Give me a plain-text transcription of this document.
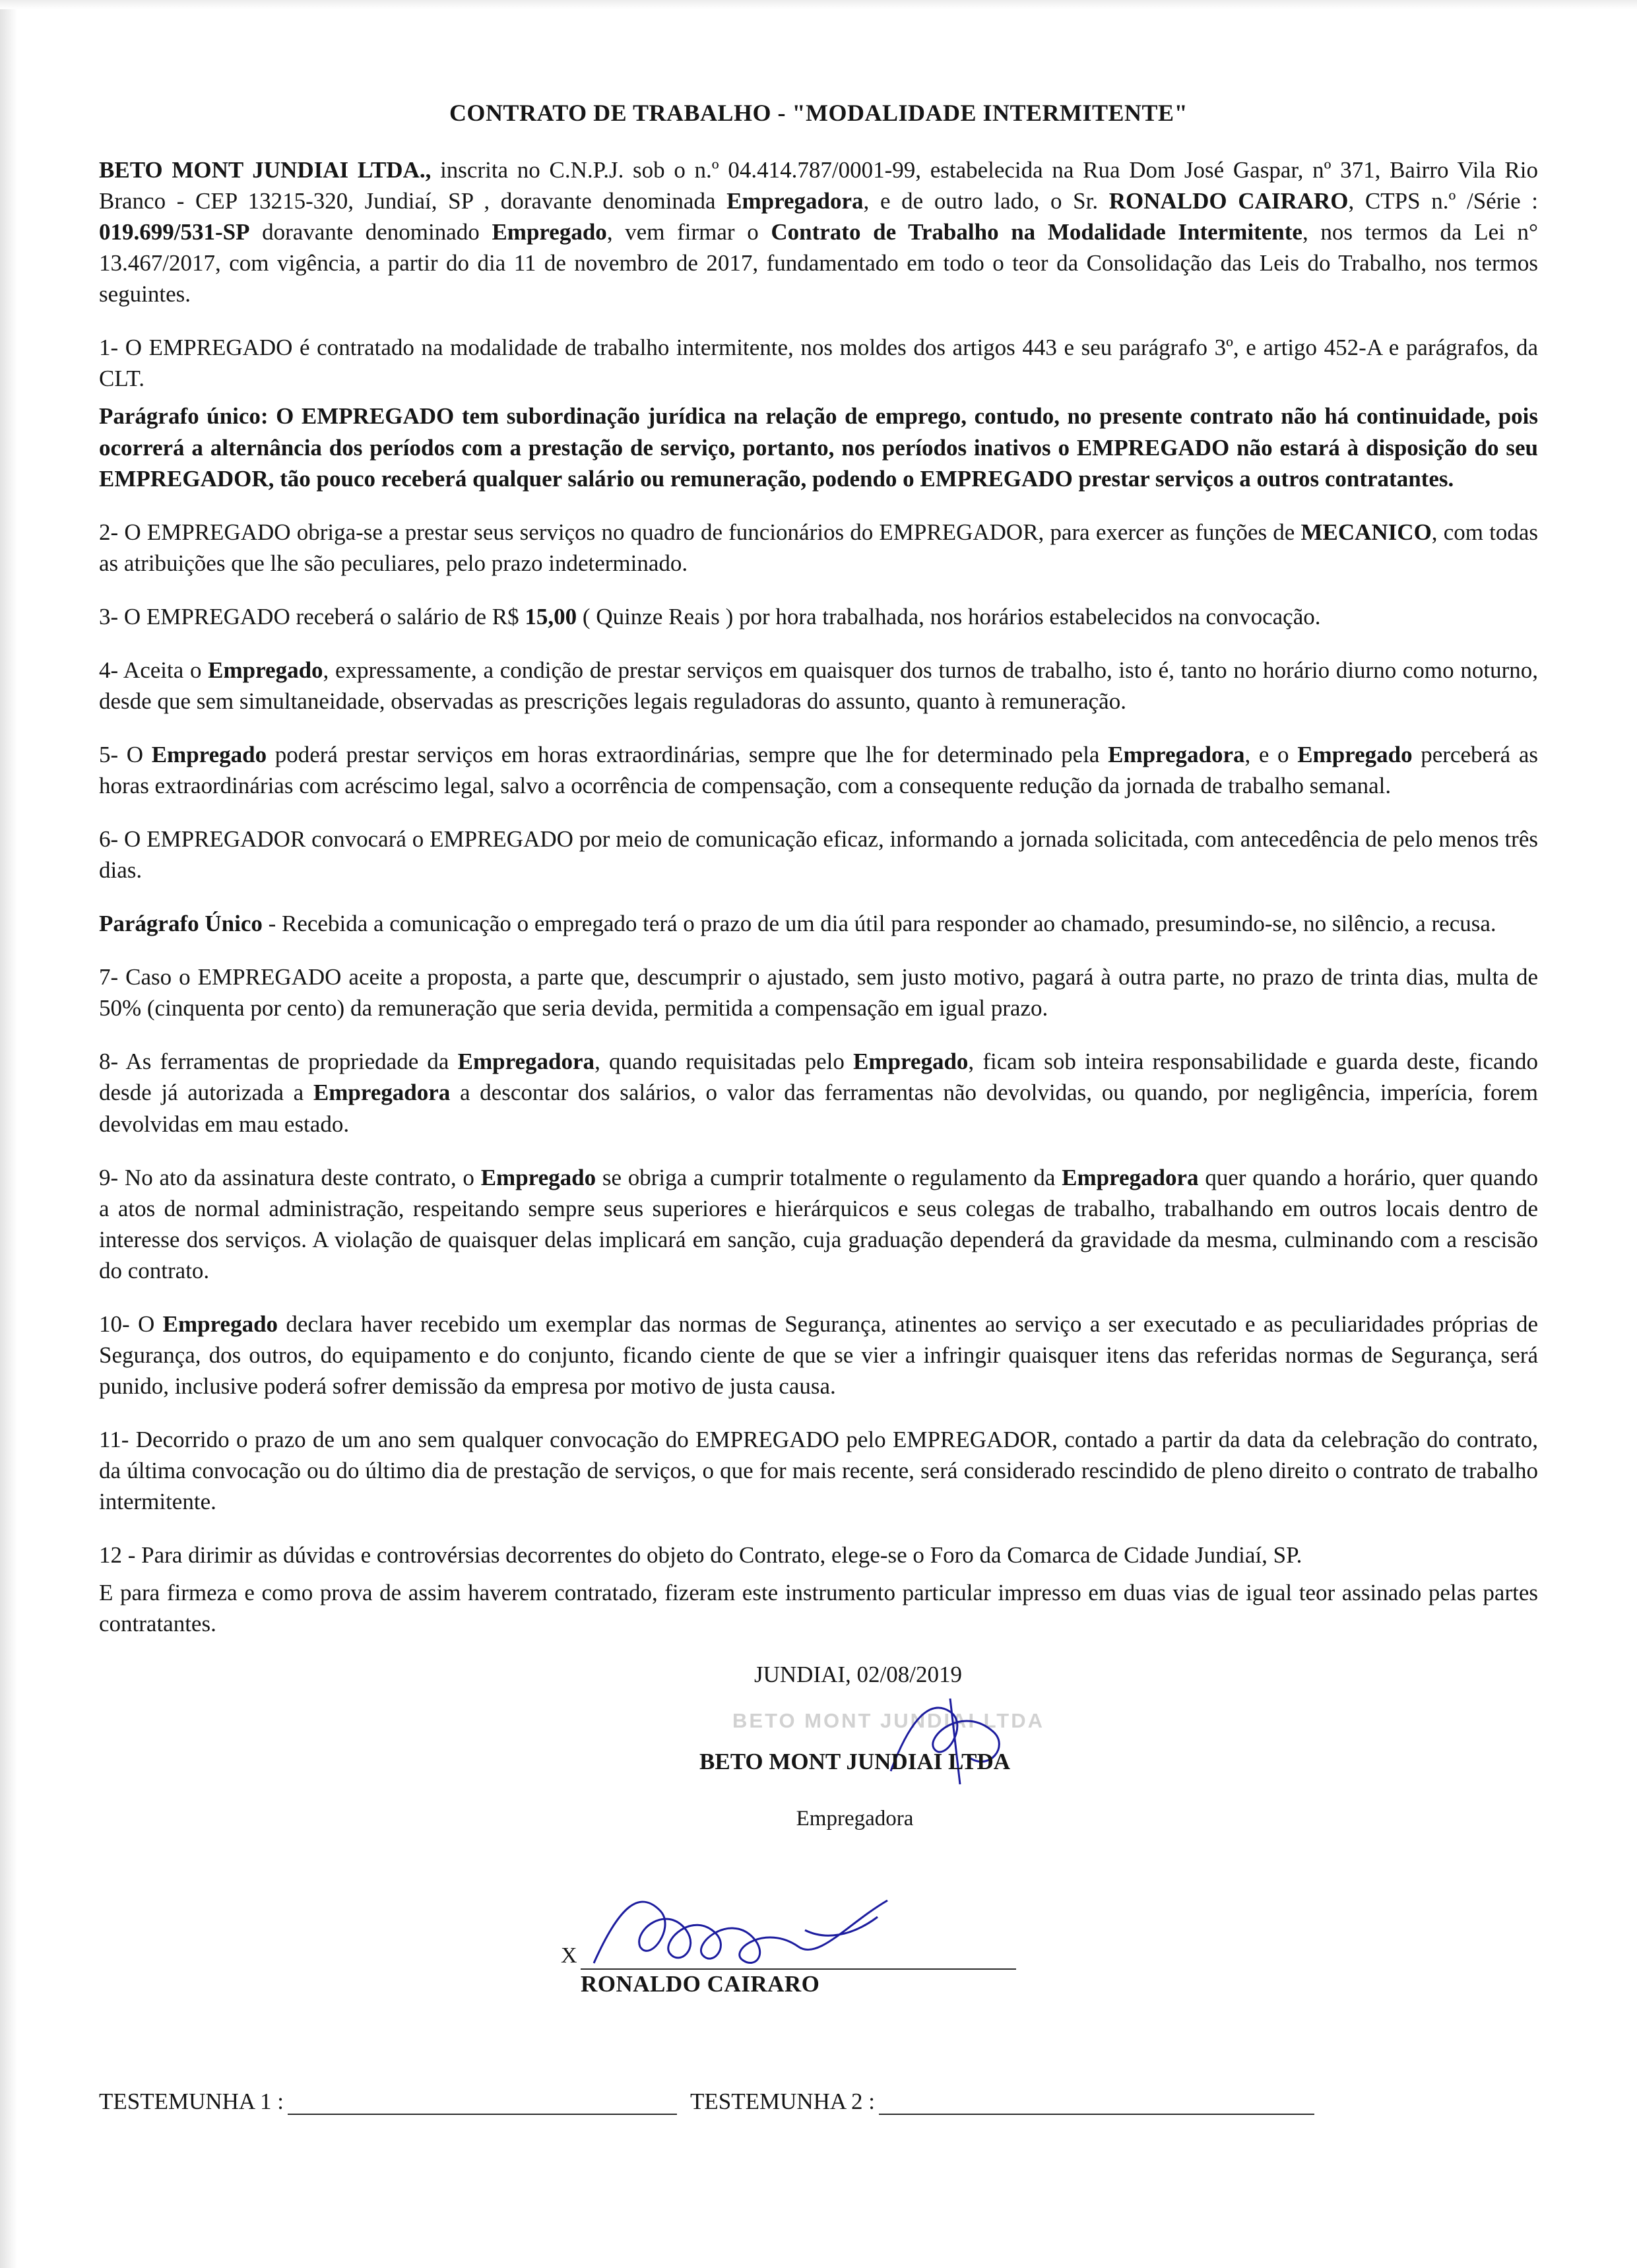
CONTRATO DE TRABALHO - "MODALIDADE INTERMITENTE"

BETO MONT JUNDIAI LTDA., inscrita no C.N.P.J. sob o n.º 04.414.787/0001-99, estabelecida na Rua Dom José Gaspar, nº 371, Bairro Vila Rio Branco - CEP 13215-320, Jundiaí, SP , doravante denominada Empregadora, e de outro lado, o Sr. RONALDO CAIRARO, CTPS n.º /Série : 019.699/531-SP doravante denominado Empregado, vem firmar o Contrato de Trabalho na Modalidade Intermitente, nos termos da Lei n° 13.467/2017, com vigência, a partir do dia 11 de novembro de 2017, fundamentado em todo o teor da Consolidação das Leis do Trabalho, nos termos seguintes.

1- O EMPREGADO é contratado na modalidade de trabalho intermitente, nos moldes dos artigos 443 e seu parágrafo 3º, e artigo 452-A e parágrafos, da CLT.

Parágrafo único: O EMPREGADO tem subordinação jurídica na relação de emprego, contudo, no presente contrato não há continuidade, pois ocorrerá a alternância dos períodos com a prestação de serviço, portanto, nos períodos inativos o EMPREGADO não estará à disposição do seu EMPREGADOR, tão pouco receberá qualquer salário ou remuneração, podendo o EMPREGADO prestar serviços a outros contratantes.

2- O EMPREGADO obriga-se a prestar seus serviços no quadro de funcionários do EMPREGADOR, para exercer as funções de MECANICO, com todas as atribuições que lhe são peculiares, pelo prazo indeterminado.

3- O EMPREGADO receberá o salário de R$ 15,00 ( Quinze Reais ) por hora trabalhada, nos horários estabelecidos na convocação.

4- Aceita o Empregado, expressamente, a condição de prestar serviços em quaisquer dos turnos de trabalho, isto é, tanto no horário diurno como noturno, desde que sem simultaneidade, observadas as prescrições legais reguladoras do assunto, quanto à remuneração.

5- O Empregado poderá prestar serviços em horas extraordinárias, sempre que lhe for determinado pela Empregadora, e o Empregado perceberá as horas extraordinárias com acréscimo legal, salvo a ocorrência de compensação, com a consequente redução da jornada de trabalho semanal.

6- O EMPREGADOR convocará o EMPREGADO por meio de comunicação eficaz, informando a jornada solicitada, com antecedência de pelo menos três dias.

Parágrafo Único - Recebida a comunicação o empregado terá o prazo de um dia útil para responder ao chamado, presumindo-se, no silêncio, a recusa.

7- Caso o EMPREGADO aceite a proposta, a parte que, descumprir o ajustado, sem justo motivo, pagará à outra parte, no prazo de trinta dias, multa de 50% (cinquenta por cento) da remuneração que seria devida, permitida a compensação em igual prazo.

8- As ferramentas de propriedade da Empregadora, quando requisitadas pelo Empregado, ficam sob inteira responsabilidade e guarda deste, ficando desde já autorizada a Empregadora a descontar dos salários, o valor das ferramentas não devolvidas, ou quando, por negligência, imperícia, forem devolvidas em mau estado.

9- No ato da assinatura deste contrato, o Empregado se obriga a cumprir totalmente o regulamento da Empregadora quer quando a horário, quer quando a atos de normal administração, respeitando sempre seus superiores e hierárquicos e seus colegas de trabalho, trabalhando em outros locais dentro de interesse dos serviços. A violação de quaisquer delas implicará em sanção, cuja graduação dependerá da gravidade da mesma, culminando com a rescisão do contrato.

10- O Empregado declara haver recebido um exemplar das normas de Segurança, atinentes ao serviço a ser executado e as peculiaridades próprias de Segurança, dos outros, do equipamento e do conjunto, ficando ciente de que se vier a infringir quaisquer itens das referidas normas de Segurança, será punido, inclusive poderá sofrer demissão da empresa por motivo de justa causa.

11- Decorrido o prazo de um ano sem qualquer convocação do EMPREGADO pelo EMPREGADOR, contado a partir da data da celebração do contrato, da última convocação ou do último dia de prestação de serviços, o que for mais recente, será considerado rescindido de pleno direito o contrato de trabalho intermitente.

12 - Para dirimir as dúvidas e controvérsias decorrentes do objeto do Contrato, elege-se o Foro da Comarca de Cidade Jundiaí, SP.

E para firmeza e como prova de assim haverem contratado, fizeram este instrumento particular impresso em duas vias de igual teor assinado pelas partes contratantes.

JUNDIAI, 02/08/2019

BETO MONT JUNDIAI LTDA
BETO MONT JUNDIAI LTDA
Empregadora
X
RONALDO CAIRARO
TESTEMUNHA 1 :	TESTEMUNHA 2 :
